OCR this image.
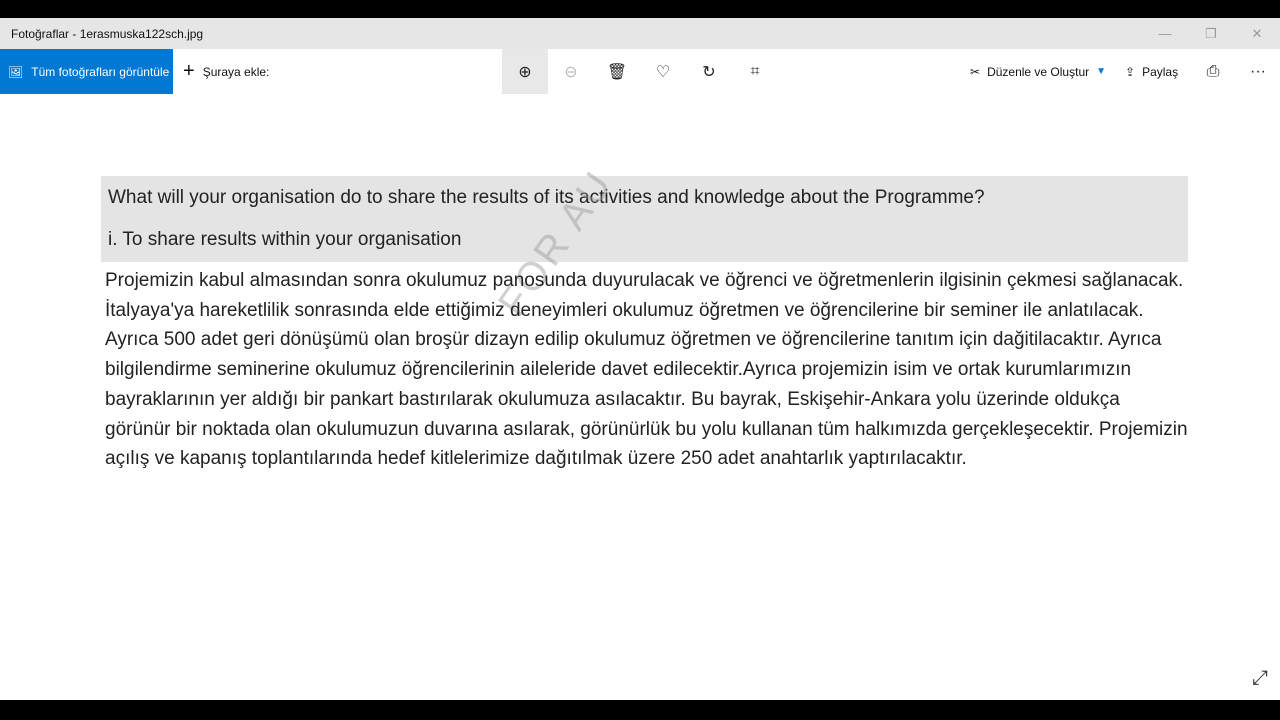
Fotoğraflar - 1erasmuska122sch.jpg	—	❐	✕
🖼 Tüm fotoğrafları görüntüle + Şuraya ekle:	⊕	⊖	🗑	♡	↻	⌗	✂ Düzenle ve Oluştur ▼ ⇪ Paylaş	⎙	···
What will your organisation do to share the results of its activities and knowledge about the Programme?
i. To share results within your organisation FOR AU
Projemizin kabul almasından sonra okulumuz panosunda duyurulacak ve öğrenci ve öğretmenlerin ilgisinin çekmesi sağlanacak. İtalyaya'ya hareketlilik sonrasında elde ettiğimiz deneyimleri okulumuz öğretmen ve öğrencilerine bir seminer ile anlatılacak. Ayrıca 500 adet geri dönüşümü olan broşür dizayn edilip okulumuz öğretmen ve öğrencilerine tanıtım için dağitilacaktır. Ayrıca bilgilendirme seminerine okulumuz öğrencilerinin aileleride davet edilecektir.Ayrıca projemizin isim ve ortak kurumlarımızın bayraklarının yer aldığı bir pankart bastırılarak okulumuza asılacaktır. Bu bayrak, Eskişehir-Ankara yolu üzerinde oldukça görünür bir noktada olan okulumuzun duvarına asılarak, görünürlük bu yolu kullanan tüm halkımızda gerçekleşecektir. Projemizin açılış ve kapanış toplantılarında hedef kitlelerimize dağıtılmak üzere 250 adet anahtarlık yaptırılacaktır.
⤢
